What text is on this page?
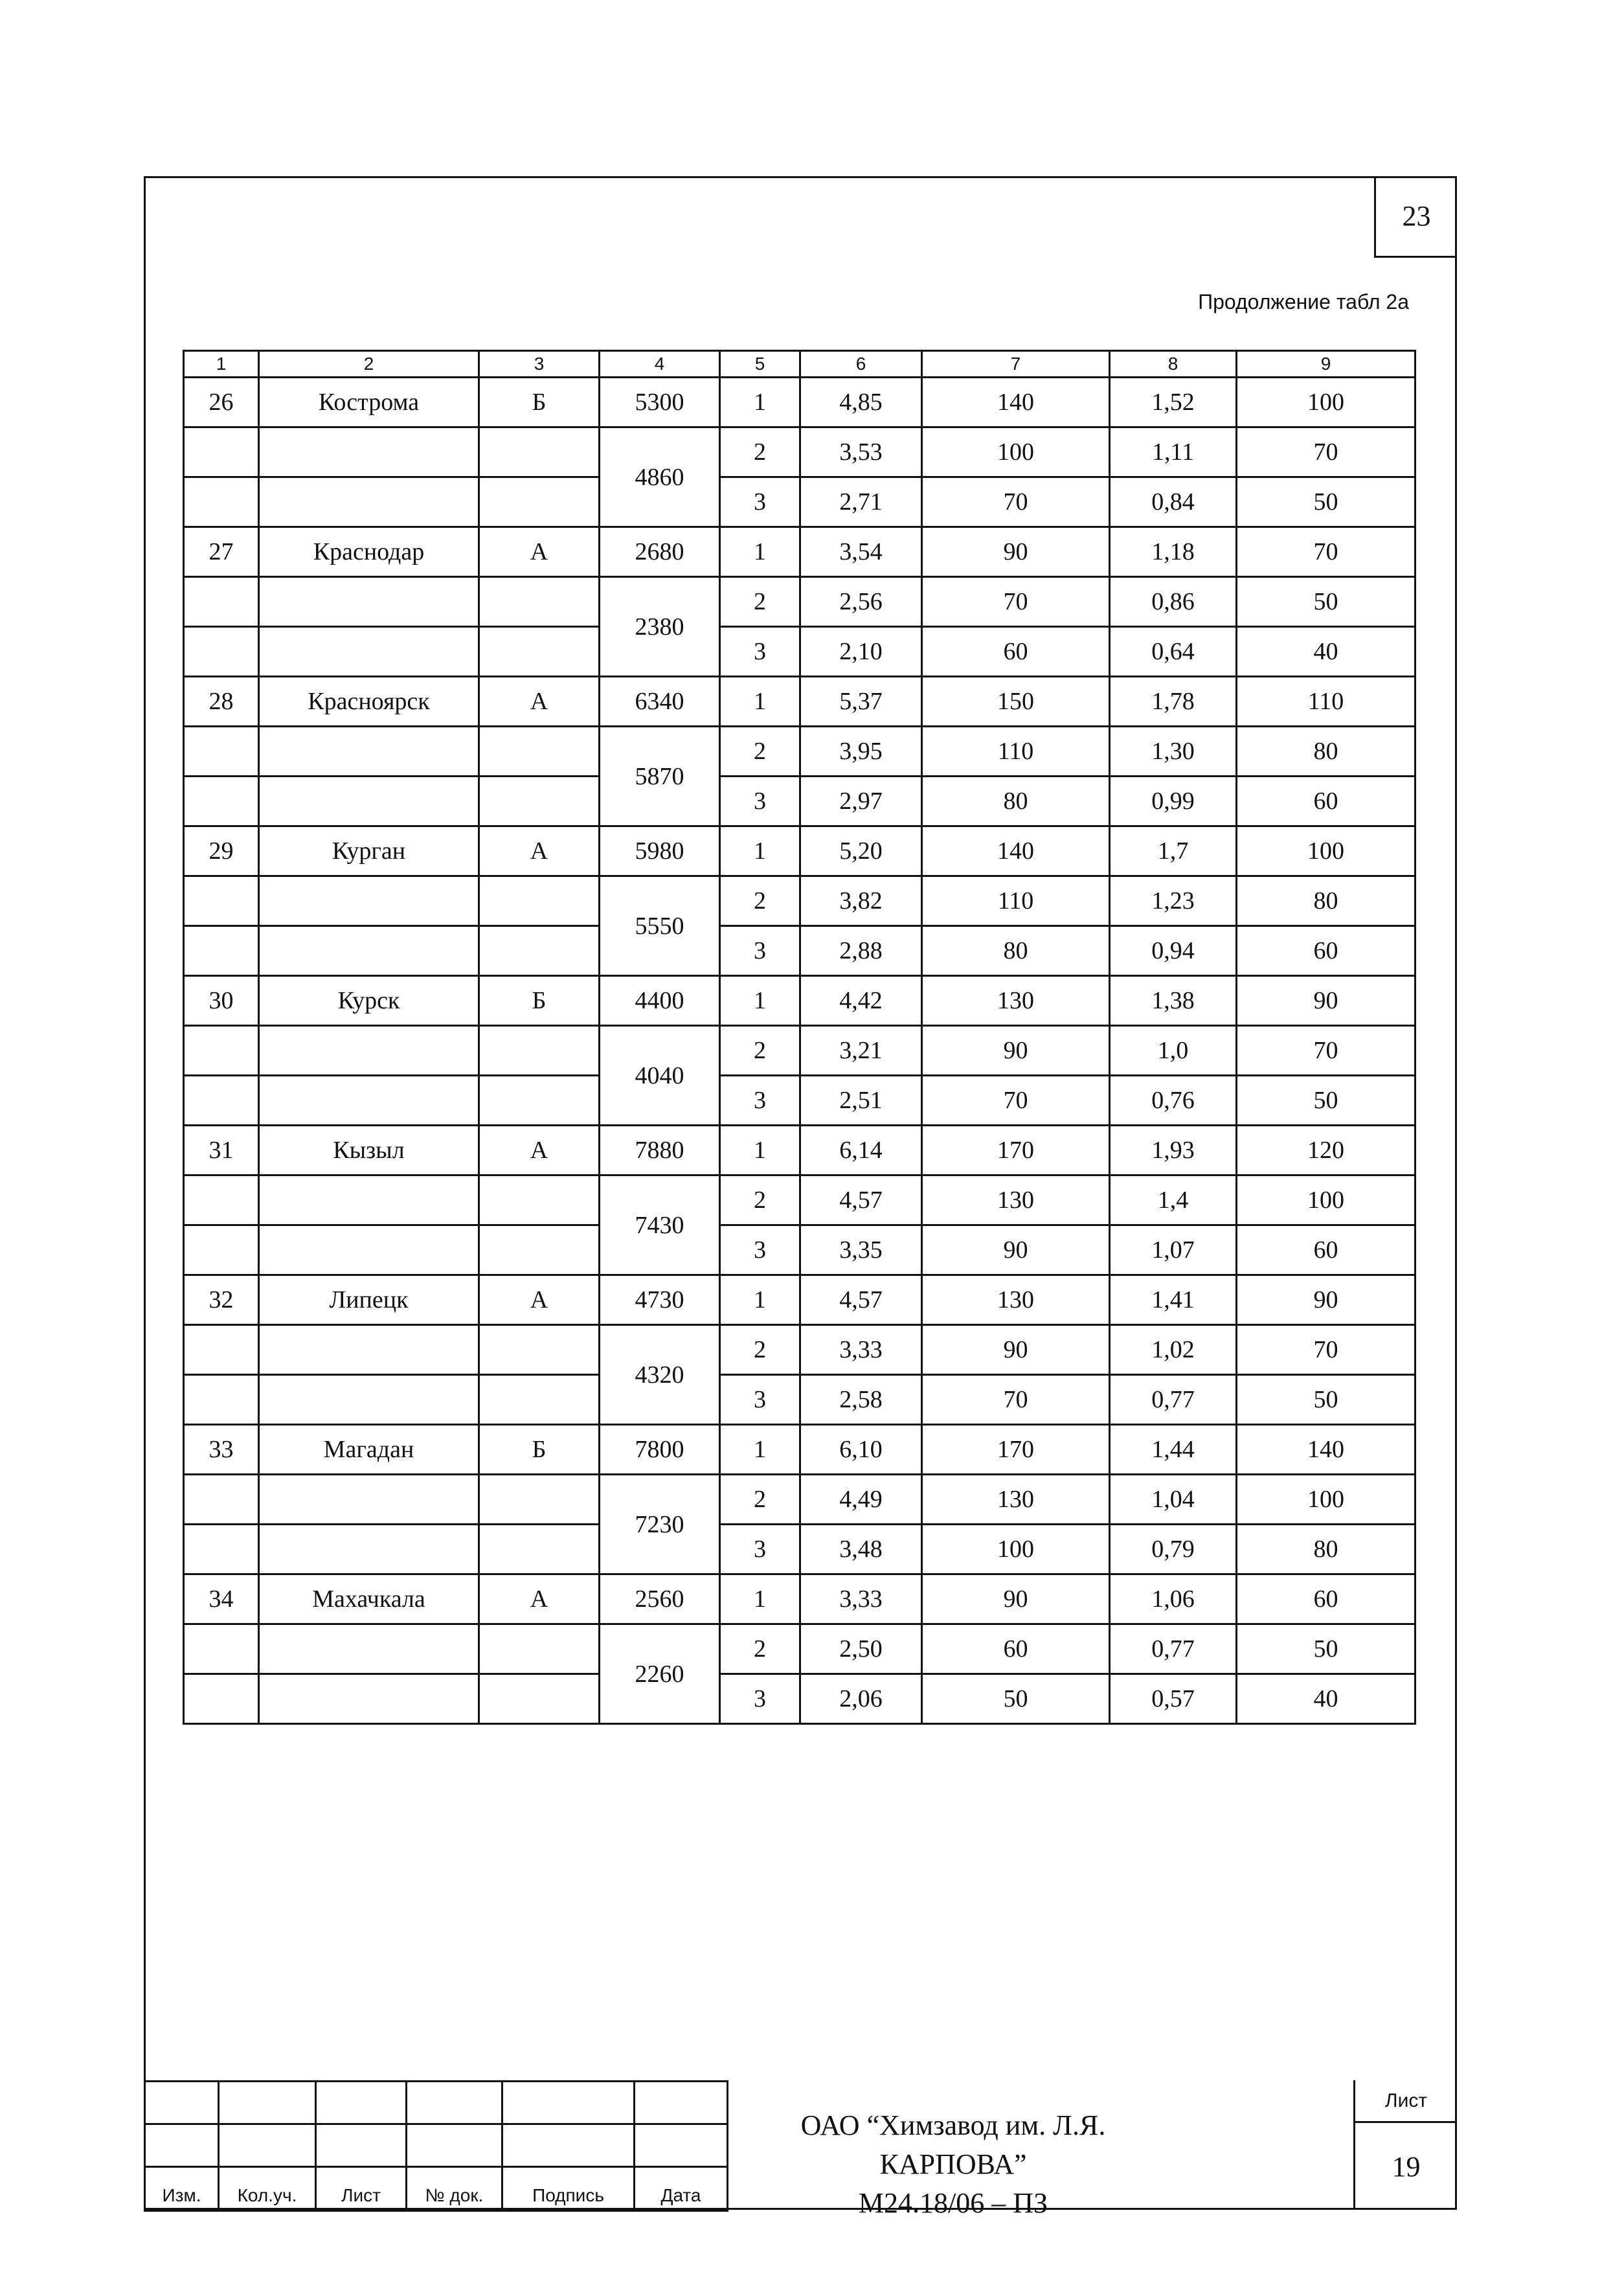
23
Продолжение табл 2а
1	2	3	4	5	6	7	8	9
26	Кострома	Б	5300	1	4,85	140	1,52	100
			4860	2	3,53	100	1,11	70
				3	2,71	70	0,84	50
27	Краснодар	А	2680	1	3,54	90	1,18	70
			2380	2	2,56	70	0,86	50
				3	2,10	60	0,64	40
28	Красноярск	А	6340	1	5,37	150	1,78	110
			5870	2	3,95	110	1,30	80
				3	2,97	80	0,99	60
29	Курган	А	5980	1	5,20	140	1,7	100
			5550	2	3,82	110	1,23	80
				3	2,88	80	0,94	60
30	Курск	Б	4400	1	4,42	130	1,38	90
			4040	2	3,21	90	1,0	70
				3	2,51	70	0,76	50
31	Кызыл	А	7880	1	6,14	170	1,93	120
			7430	2	4,57	130	1,4	100
				3	3,35	90	1,07	60
32	Липецк	А	4730	1	4,57	130	1,41	90
			4320	2	3,33	90	1,02	70
				3	2,58	70	0,77	50
33	Магадан	Б	7800	1	6,10	170	1,44	140
			7230	2	4,49	130	1,04	100
				3	3,48	100	0,79	80
34	Махачкала	А	2560	1	3,33	90	1,06	60
			2260	2	2,50	60	0,77	50
				3	2,06	50	0,57	40

Изм.	Кол.уч.	Лист	№ док.	Подпись	Дата
ОАО “Химзавод им. Л.Я. КАРПОВА”
М24.18/06 – ПЗ
Лист
19
